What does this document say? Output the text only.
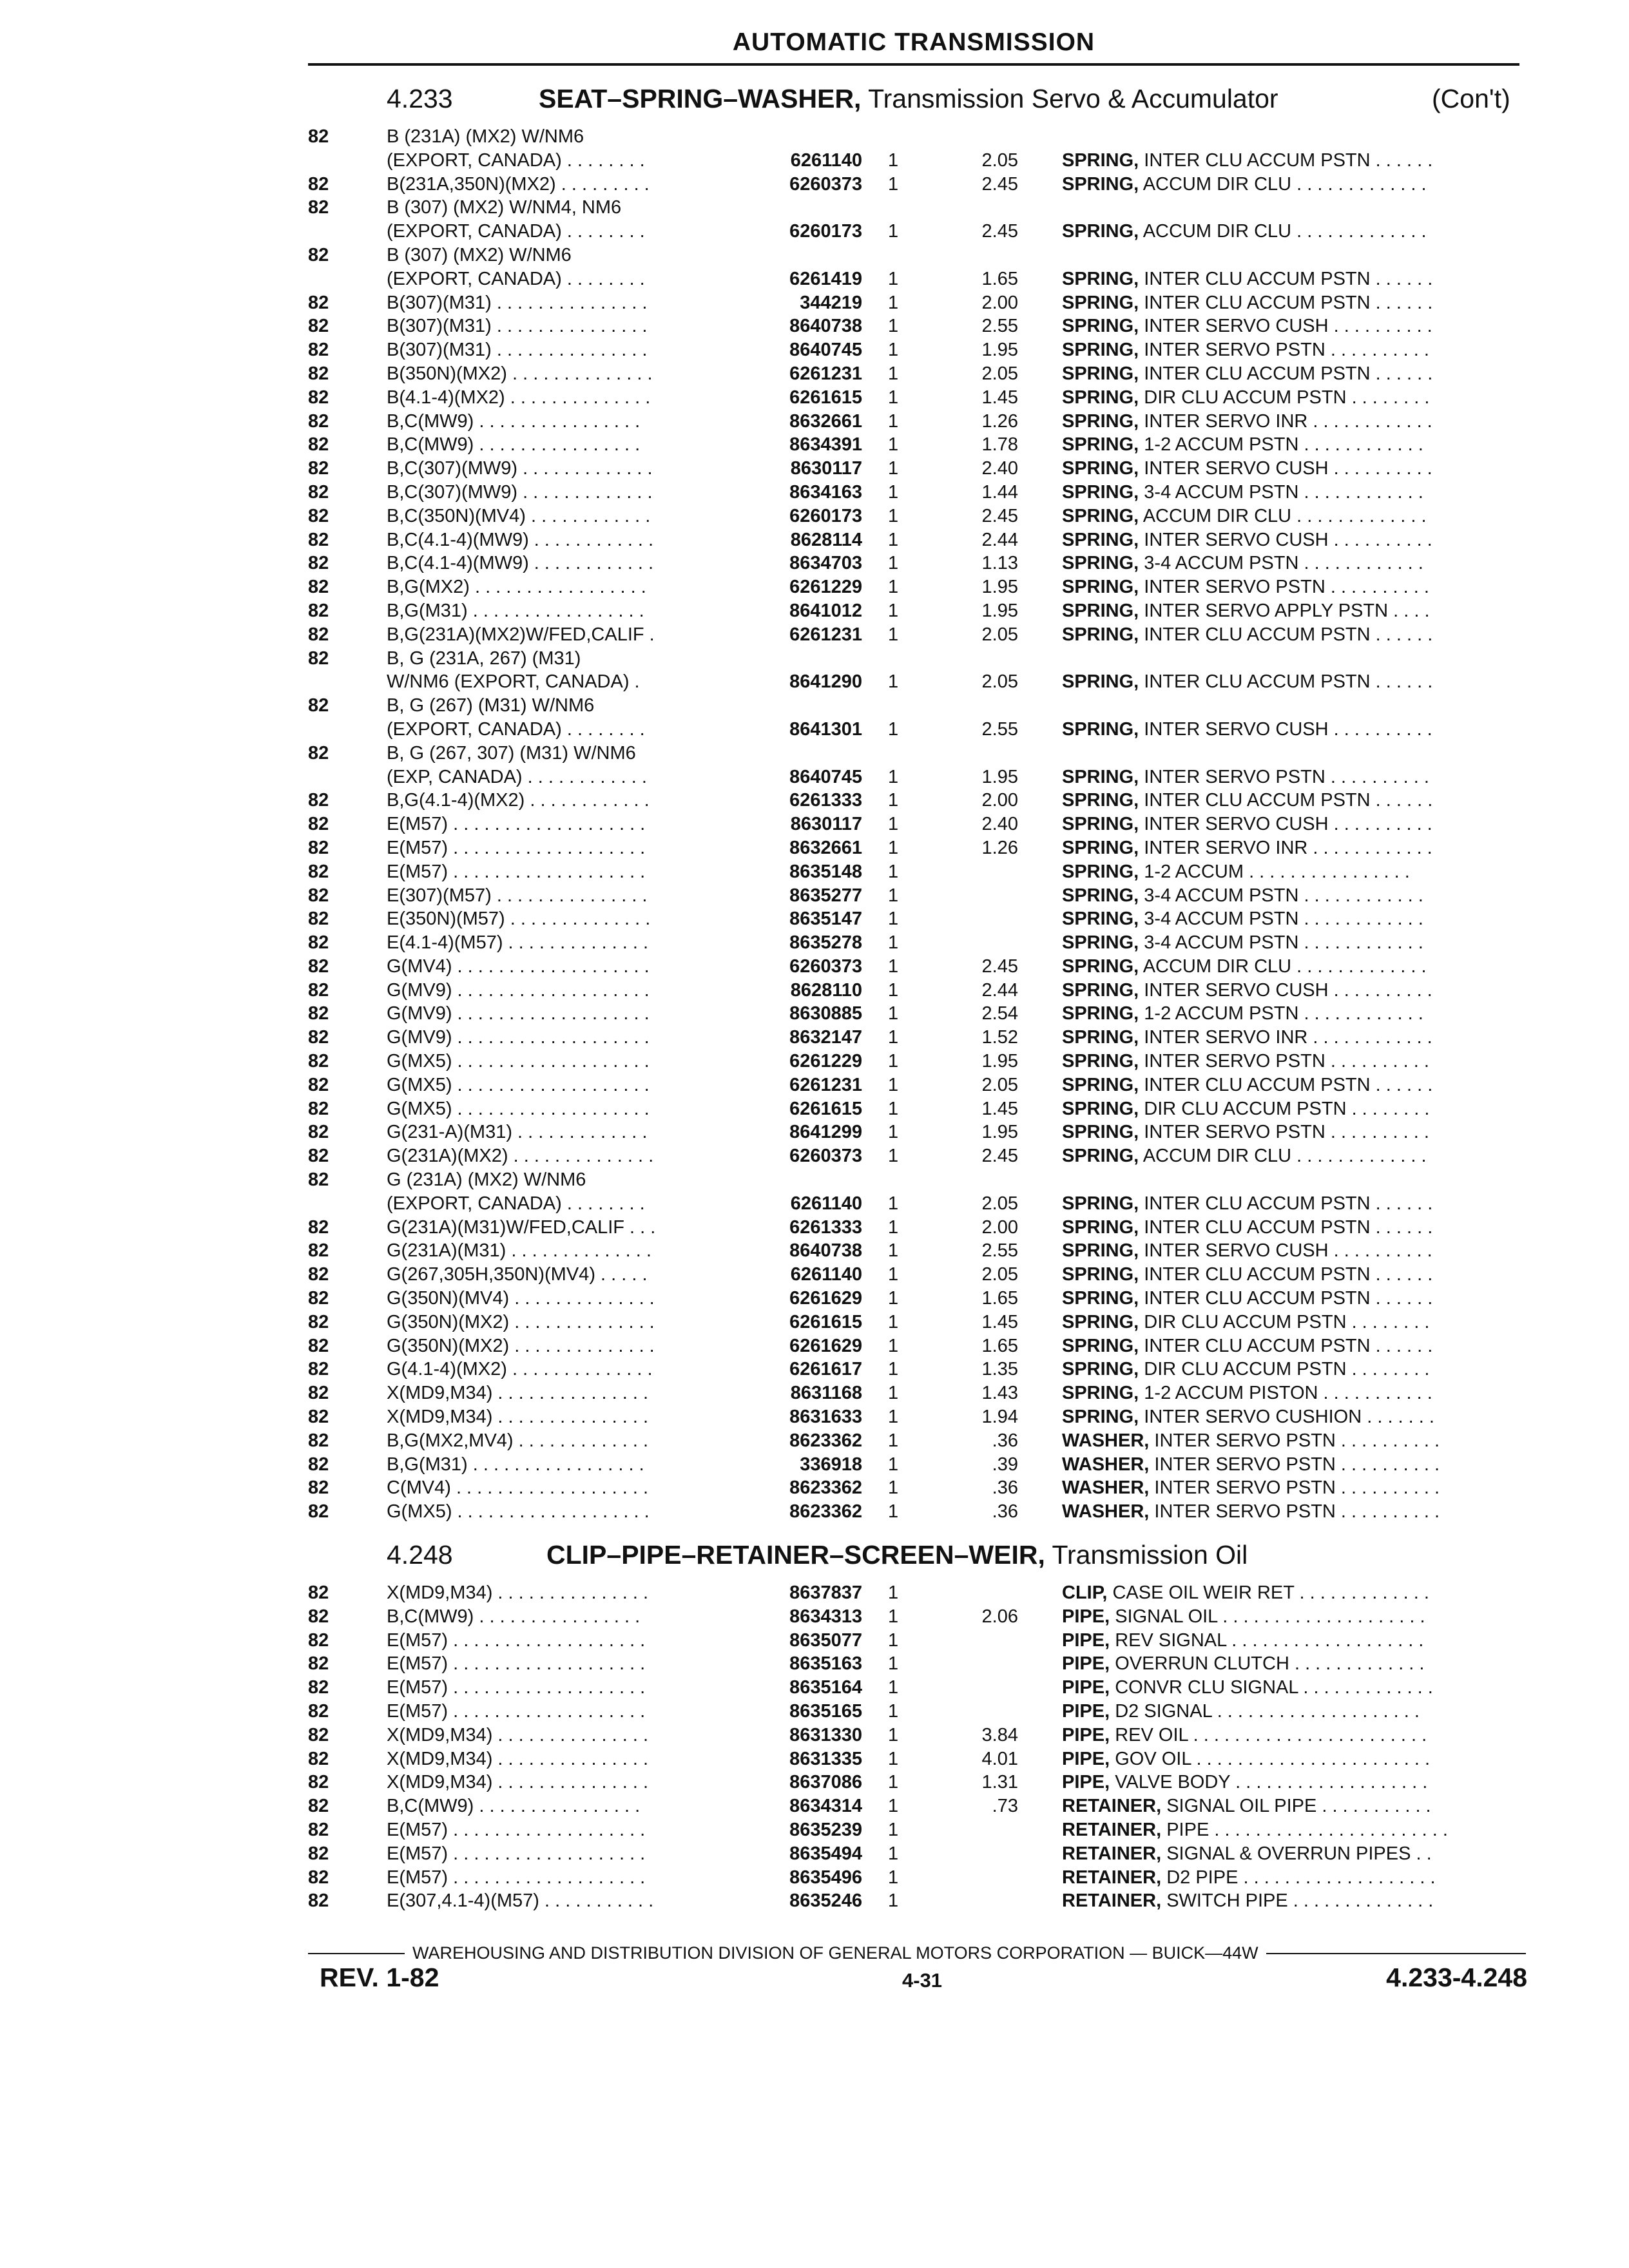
AUTOMATIC TRANSMISSION
4.233	SEAT–SPRING–WASHER, Transmission Servo & Accumulator	(Con't)
82	B (231A) (MX2) W/NM6
(EXPORT, CANADA) . . . . . . . .	6261140 1	2.05 SPRING, INTER CLU ACCUM PSTN . . . . . .
82	B(231A,350N)(MX2) . . . . . . . . .	6260373 1	2.45 SPRING, ACCUM DIR CLU . . . . . . . . . . . . .
82	B (307) (MX2) W/NM4, NM6
(EXPORT, CANADA) . . . . . . . .	6260173 1	2.45 SPRING, ACCUM DIR CLU . . . . . . . . . . . . .
82	B (307) (MX2) W/NM6
(EXPORT, CANADA) . . . . . . . .	6261419 1	1.65 SPRING, INTER CLU ACCUM PSTN . . . . . .
82	B(307)(M31) . . . . . . . . . . . . . . .	344219 1	2.00 SPRING, INTER CLU ACCUM PSTN . . . . . .
82	B(307)(M31) . . . . . . . . . . . . . . .	8640738 1	2.55 SPRING, INTER SERVO CUSH . . . . . . . . . .
82	B(307)(M31) . . . . . . . . . . . . . . .	8640745 1	1.95 SPRING, INTER SERVO PSTN . . . . . . . . . .
82	B(350N)(MX2) . . . . . . . . . . . . . .	6261231 1	2.05 SPRING, INTER CLU ACCUM PSTN . . . . . .
82	B(4.1-4)(MX2) . . . . . . . . . . . . . .	6261615 1	1.45 SPRING, DIR CLU ACCUM PSTN . . . . . . . .
82	B,C(MW9) . . . . . . . . . . . . . . . .	8632661 1	1.26 SPRING, INTER SERVO INR . . . . . . . . . . . .
82	B,C(MW9) . . . . . . . . . . . . . . . .	8634391 1	1.78 SPRING, 1-2 ACCUM PSTN . . . . . . . . . . . .
82	B,C(307)(MW9) . . . . . . . . . . . . .	8630117 1	2.40 SPRING, INTER SERVO CUSH . . . . . . . . . .
82	B,C(307)(MW9) . . . . . . . . . . . . .	8634163 1	1.44 SPRING, 3-4 ACCUM PSTN . . . . . . . . . . . .
82	B,C(350N)(MV4) . . . . . . . . . . . .	6260173 1	2.45 SPRING, ACCUM DIR CLU . . . . . . . . . . . . .
82	B,C(4.1-4)(MW9) . . . . . . . . . . . .	8628114 1	2.44 SPRING, INTER SERVO CUSH . . . . . . . . . .
82	B,C(4.1-4)(MW9) . . . . . . . . . . . .	8634703 1	1.13 SPRING, 3-4 ACCUM PSTN . . . . . . . . . . . .
82	B,G(MX2) . . . . . . . . . . . . . . . . .	6261229 1	1.95 SPRING, INTER SERVO PSTN . . . . . . . . . .
82	B,G(M31) . . . . . . . . . . . . . . . . .	8641012 1	1.95 SPRING, INTER SERVO APPLY PSTN . . . .
82	B,G(231A)(MX2)W/FED,CALIF .	6261231 1	2.05 SPRING, INTER CLU ACCUM PSTN . . . . . .
82	B, G (231A, 267) (M31)
W/NM6 (EXPORT, CANADA) .	8641290 1	2.05 SPRING, INTER CLU ACCUM PSTN . . . . . .
82	B, G (267) (M31) W/NM6
(EXPORT, CANADA) . . . . . . . .	8641301 1	2.55 SPRING, INTER SERVO CUSH . . . . . . . . . .
82	B, G (267, 307) (M31) W/NM6
(EXP, CANADA) . . . . . . . . . . . .	8640745 1	1.95 SPRING, INTER SERVO PSTN . . . . . . . . . .
82	B,G(4.1-4)(MX2) . . . . . . . . . . . .	6261333 1	2.00 SPRING, INTER CLU ACCUM PSTN . . . . . .
82	E(M57) . . . . . . . . . . . . . . . . . . .	8630117 1	2.40 SPRING, INTER SERVO CUSH . . . . . . . . . .
82	E(M57) . . . . . . . . . . . . . . . . . . .	8632661 1	1.26 SPRING, INTER SERVO INR . . . . . . . . . . . .
82	E(M57) . . . . . . . . . . . . . . . . . . .	8635148 1	SPRING, 1-2 ACCUM . . . . . . . . . . . . . . . .
82	E(307)(M57) . . . . . . . . . . . . . . .	8635277 1	SPRING, 3-4 ACCUM PSTN . . . . . . . . . . . .
82	E(350N)(M57) . . . . . . . . . . . . . .	8635147 1	SPRING, 3-4 ACCUM PSTN . . . . . . . . . . . .
82	E(4.1-4)(M57) . . . . . . . . . . . . . .	8635278 1	SPRING, 3-4 ACCUM PSTN . . . . . . . . . . . .
82	G(MV4) . . . . . . . . . . . . . . . . . . .	6260373 1	2.45 SPRING, ACCUM DIR CLU . . . . . . . . . . . . .
82	G(MV9) . . . . . . . . . . . . . . . . . . .	8628110 1	2.44 SPRING, INTER SERVO CUSH . . . . . . . . . .
82	G(MV9) . . . . . . . . . . . . . . . . . . .	8630885 1	2.54 SPRING, 1-2 ACCUM PSTN . . . . . . . . . . . .
82	G(MV9) . . . . . . . . . . . . . . . . . . .	8632147 1	1.52 SPRING, INTER SERVO INR . . . . . . . . . . . .
82	G(MX5) . . . . . . . . . . . . . . . . . . .	6261229 1	1.95 SPRING, INTER SERVO PSTN . . . . . . . . . .
82	G(MX5) . . . . . . . . . . . . . . . . . . .	6261231 1	2.05 SPRING, INTER CLU ACCUM PSTN . . . . . .
82	G(MX5) . . . . . . . . . . . . . . . . . . .	6261615 1	1.45 SPRING, DIR CLU ACCUM PSTN . . . . . . . .
82	G(231-A)(M31) . . . . . . . . . . . . .	8641299 1	1.95 SPRING, INTER SERVO PSTN . . . . . . . . . .
82	G(231A)(MX2) . . . . . . . . . . . . . .	6260373 1	2.45 SPRING, ACCUM DIR CLU . . . . . . . . . . . . .
82	G (231A) (MX2) W/NM6
(EXPORT, CANADA) . . . . . . . .	6261140 1	2.05 SPRING, INTER CLU ACCUM PSTN . . . . . .
82	G(231A)(M31)W/FED,CALIF . . .	6261333 1	2.00 SPRING, INTER CLU ACCUM PSTN . . . . . .
82	G(231A)(M31) . . . . . . . . . . . . . .	8640738 1	2.55 SPRING, INTER SERVO CUSH . . . . . . . . . .
82	G(267,305H,350N)(MV4) . . . . .	6261140 1	2.05 SPRING, INTER CLU ACCUM PSTN . . . . . .
82	G(350N)(MV4) . . . . . . . . . . . . . .	6261629 1	1.65 SPRING, INTER CLU ACCUM PSTN . . . . . .
82	G(350N)(MX2) . . . . . . . . . . . . . .	6261615 1	1.45 SPRING, DIR CLU ACCUM PSTN . . . . . . . .
82	G(350N)(MX2) . . . . . . . . . . . . . .	6261629 1	1.65 SPRING, INTER CLU ACCUM PSTN . . . . . .
82	G(4.1-4)(MX2) . . . . . . . . . . . . . .	6261617 1	1.35 SPRING, DIR CLU ACCUM PSTN . . . . . . . .
82	X(MD9,M34) . . . . . . . . . . . . . . .	8631168 1	1.43 SPRING, 1-2 ACCUM PISTON . . . . . . . . . . .
82	X(MD9,M34) . . . . . . . . . . . . . . .	8631633 1	1.94 SPRING, INTER SERVO CUSHION . . . . . . .
82	B,G(MX2,MV4) . . . . . . . . . . . . .	8623362 1	.36 WASHER, INTER SERVO PSTN . . . . . . . . . .
82	B,G(M31) . . . . . . . . . . . . . . . . .	336918 1	.39 WASHER, INTER SERVO PSTN . . . . . . . . . .
82	C(MV4) . . . . . . . . . . . . . . . . . . .	8623362 1	.36 WASHER, INTER SERVO PSTN . . . . . . . . . .
82	G(MX5) . . . . . . . . . . . . . . . . . . .	8623362 1	.36 WASHER, INTER SERVO PSTN . . . . . . . . . .
4.248	CLIP–PIPE–RETAINER–SCREEN–WEIR, Transmission Oil
82	X(MD9,M34) . . . . . . . . . . . . . . .	8637837 1	CLIP, CASE OIL WEIR RET . . . . . . . . . . . . .
82	B,C(MW9) . . . . . . . . . . . . . . . .	8634313 1	2.06 PIPE, SIGNAL OIL . . . . . . . . . . . . . . . . . . . .
82	E(M57) . . . . . . . . . . . . . . . . . . .	8635077 1	PIPE, REV SIGNAL . . . . . . . . . . . . . . . . . . .
82	E(M57) . . . . . . . . . . . . . . . . . . .	8635163 1	PIPE, OVERRUN CLUTCH . . . . . . . . . . . . .
82	E(M57) . . . . . . . . . . . . . . . . . . .	8635164 1	PIPE, CONVR CLU SIGNAL . . . . . . . . . . . . .
82	E(M57) . . . . . . . . . . . . . . . . . . .	8635165 1	PIPE, D2 SIGNAL . . . . . . . . . . . . . . . . . . . .
82	X(MD9,M34) . . . . . . . . . . . . . . .	8631330 1	3.84 PIPE, REV OIL . . . . . . . . . . . . . . . . . . . . . . .
82	X(MD9,M34) . . . . . . . . . . . . . . .	8631335 1	4.01 PIPE, GOV OIL . . . . . . . . . . . . . . . . . . . . . . .
82	X(MD9,M34) . . . . . . . . . . . . . . .	8637086 1	1.31 PIPE, VALVE BODY . . . . . . . . . . . . . . . . . . .
82	B,C(MW9) . . . . . . . . . . . . . . . .	8634314 1	.73 RETAINER, SIGNAL OIL PIPE . . . . . . . . . . .
82	E(M57) . . . . . . . . . . . . . . . . . . .	8635239 1	RETAINER, PIPE . . . . . . . . . . . . . . . . . . . . . . .
82	E(M57) . . . . . . . . . . . . . . . . . . .	8635494 1	RETAINER, SIGNAL & OVERRUN PIPES . .
82	E(M57) . . . . . . . . . . . . . . . . . . .	8635496 1	RETAINER, D2 PIPE . . . . . . . . . . . . . . . . . . .
82	E(307,4.1-4)(M57) . . . . . . . . . . .	8635246 1	RETAINER, SWITCH PIPE . . . . . . . . . . . . . .
WAREHOUSING AND DISTRIBUTION DIVISION OF GENERAL MOTORS CORPORATION — BUICK—44W
REV. 1-82	4-31	4.233-4.248
